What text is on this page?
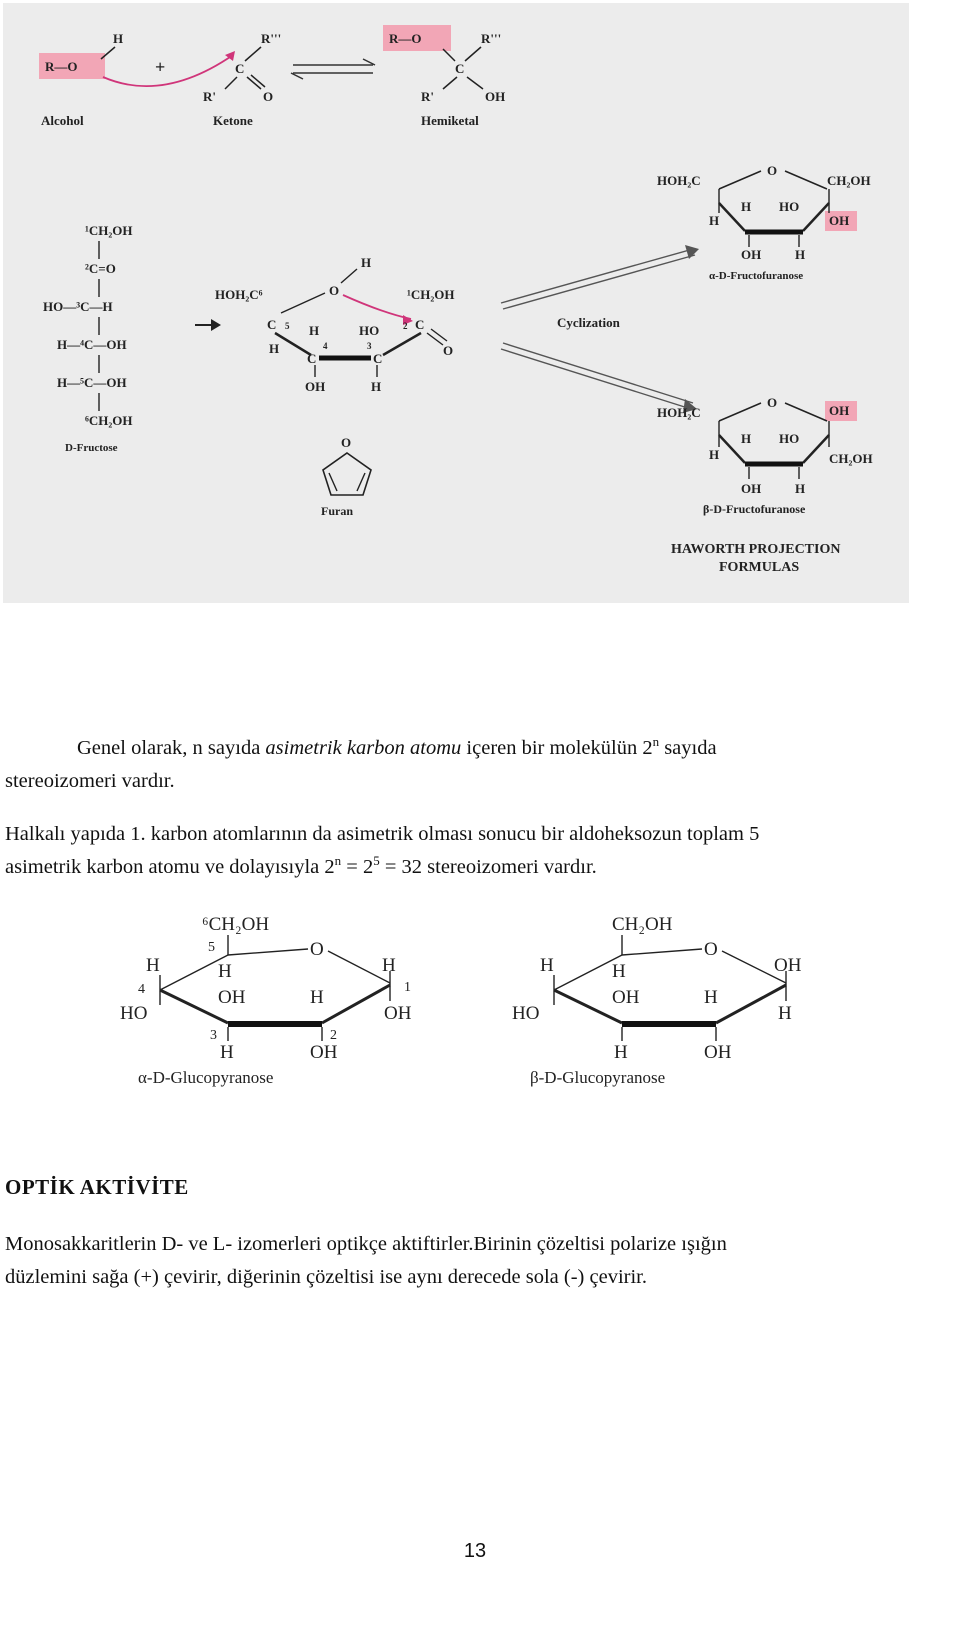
R—O
H
+
R'''
C
R'	O
R—O	R'''
C
R'	OH
Alcohol	Ketone	Hemiketal
¹CH₂OH
²C=O
HO—³C—H
H—⁴C—OH
H—⁵C—OH
⁶CH₂OH
D-Fructose
HOH₂C⁶
H
O	¹CH₂OH
C 5	C
2
H
H	HO
C
4
C
3	O
OH	H
O
Furan
Cyclization
HOH₂C
O
CH₂OH
OH
H
H HO
OH	H
α-D-Fructofuranose
HOH₂C
O
OH
H
H HO
CH₂OH
OH	H
β-D-Fructofuranose
HAWORTH PROJECTION
FORMULAS

Genel olarak, n sayıda asimetrik karbon atomu içeren bir molekülün 2$^n$ sayıda
stereoizomeri vardır.

Halkalı yapıda 1. karbon atomlarının da asimetrik olması sonucu bir aldoheksozun toplam 5
asimetrik karbon atomu ve dolayısıyla $2^n = 2^5 = 32$ stereoizomeri vardır.

⁶CH₂OH
5	O
H
H
4
HO
OH	H
H
1
OH
3	2
H	OH
α-D-Glucopyranose
CH₂OH
O
H
H
HO
OH	H
OH
H
H	OH
β-D-Glucopyranose
OPTİK AKTİVİTE

Monosakkaritlerin D- ve L- izomerleri optikçe aktiftirler.Birinin çözeltisi polarize ışığın
düzlemini sağa (+) çevirir, diğerinin çözeltisi ise aynı derecede sola (-) çevirir.

13
